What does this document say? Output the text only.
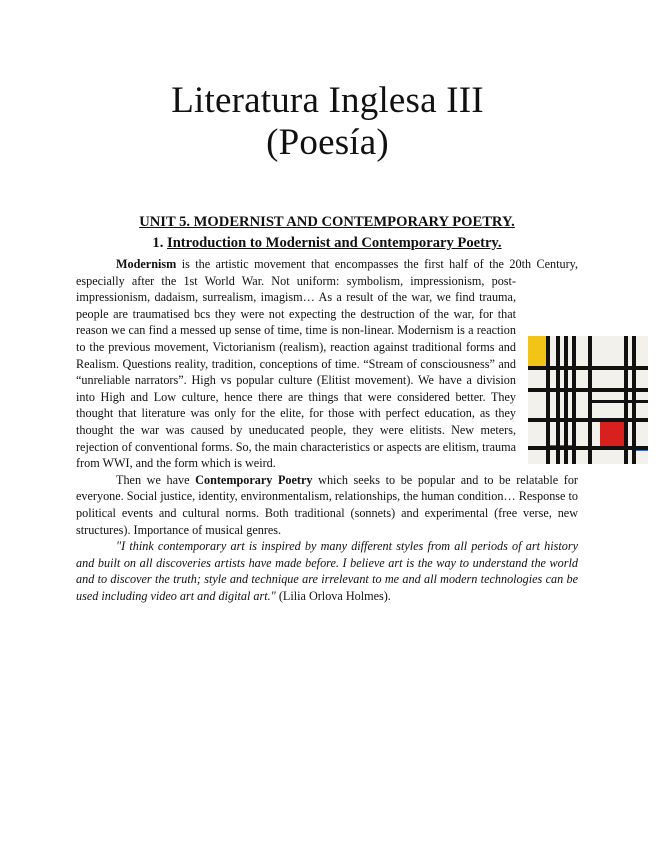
Literatura Inglesa III
(Poesía)
UNIT 5. MODERNIST AND CONTEMPORARY POETRY.
1. Introduction to Modernist and Contemporary Poetry.

Modernism
is the artistic movement that encompasses the first half of the 20th Century, especially after the 1st World War. Not uniform: symbolism, impressionism, post-impressionism, dadaism, surrealism, imagism… As a result of the war, we find trauma, people are traumatised bcs they were not expecting the destruction of the war, for that reason we can find a messed up sense of time, time is non-linear. Modernism is a reaction to the previous movement, Victorianism (realism), reaction against traditional forms and Realism. Questions reality, tradition, conceptions of time. “Stream of consciousness” and “unreliable narrators”. High vs popular culture (Elitist movement). We have a division into High and Low culture, hence there are things that were considered better. They thought that literature was only for the elite, for those with perfect education, as they thought the war was caused by uneducated people, they were elitists. New meters, rejection of conventional forms. So, the main characteristics or aspects are elitism, trauma from WWI, and the form which is weird.

Then we have Contemporary Poetry which seeks to be popular and to be relatable for everyone. Social justice, identity, environmentalism, relationships, the human condition… Response to political events and cultural norms. Both traditional (sonnets) and experimental (free verse, new structures). Importance of musical genres.

"I think contemporary art is inspired by many different styles from all periods of art history and built on all discoveries artists have made before. I believe art is the way to understand the world and to discover the truth; style and technique are irrelevant to me and all modern technologies can be used including video art and digital art." (Lilia Orlova Holmes).
